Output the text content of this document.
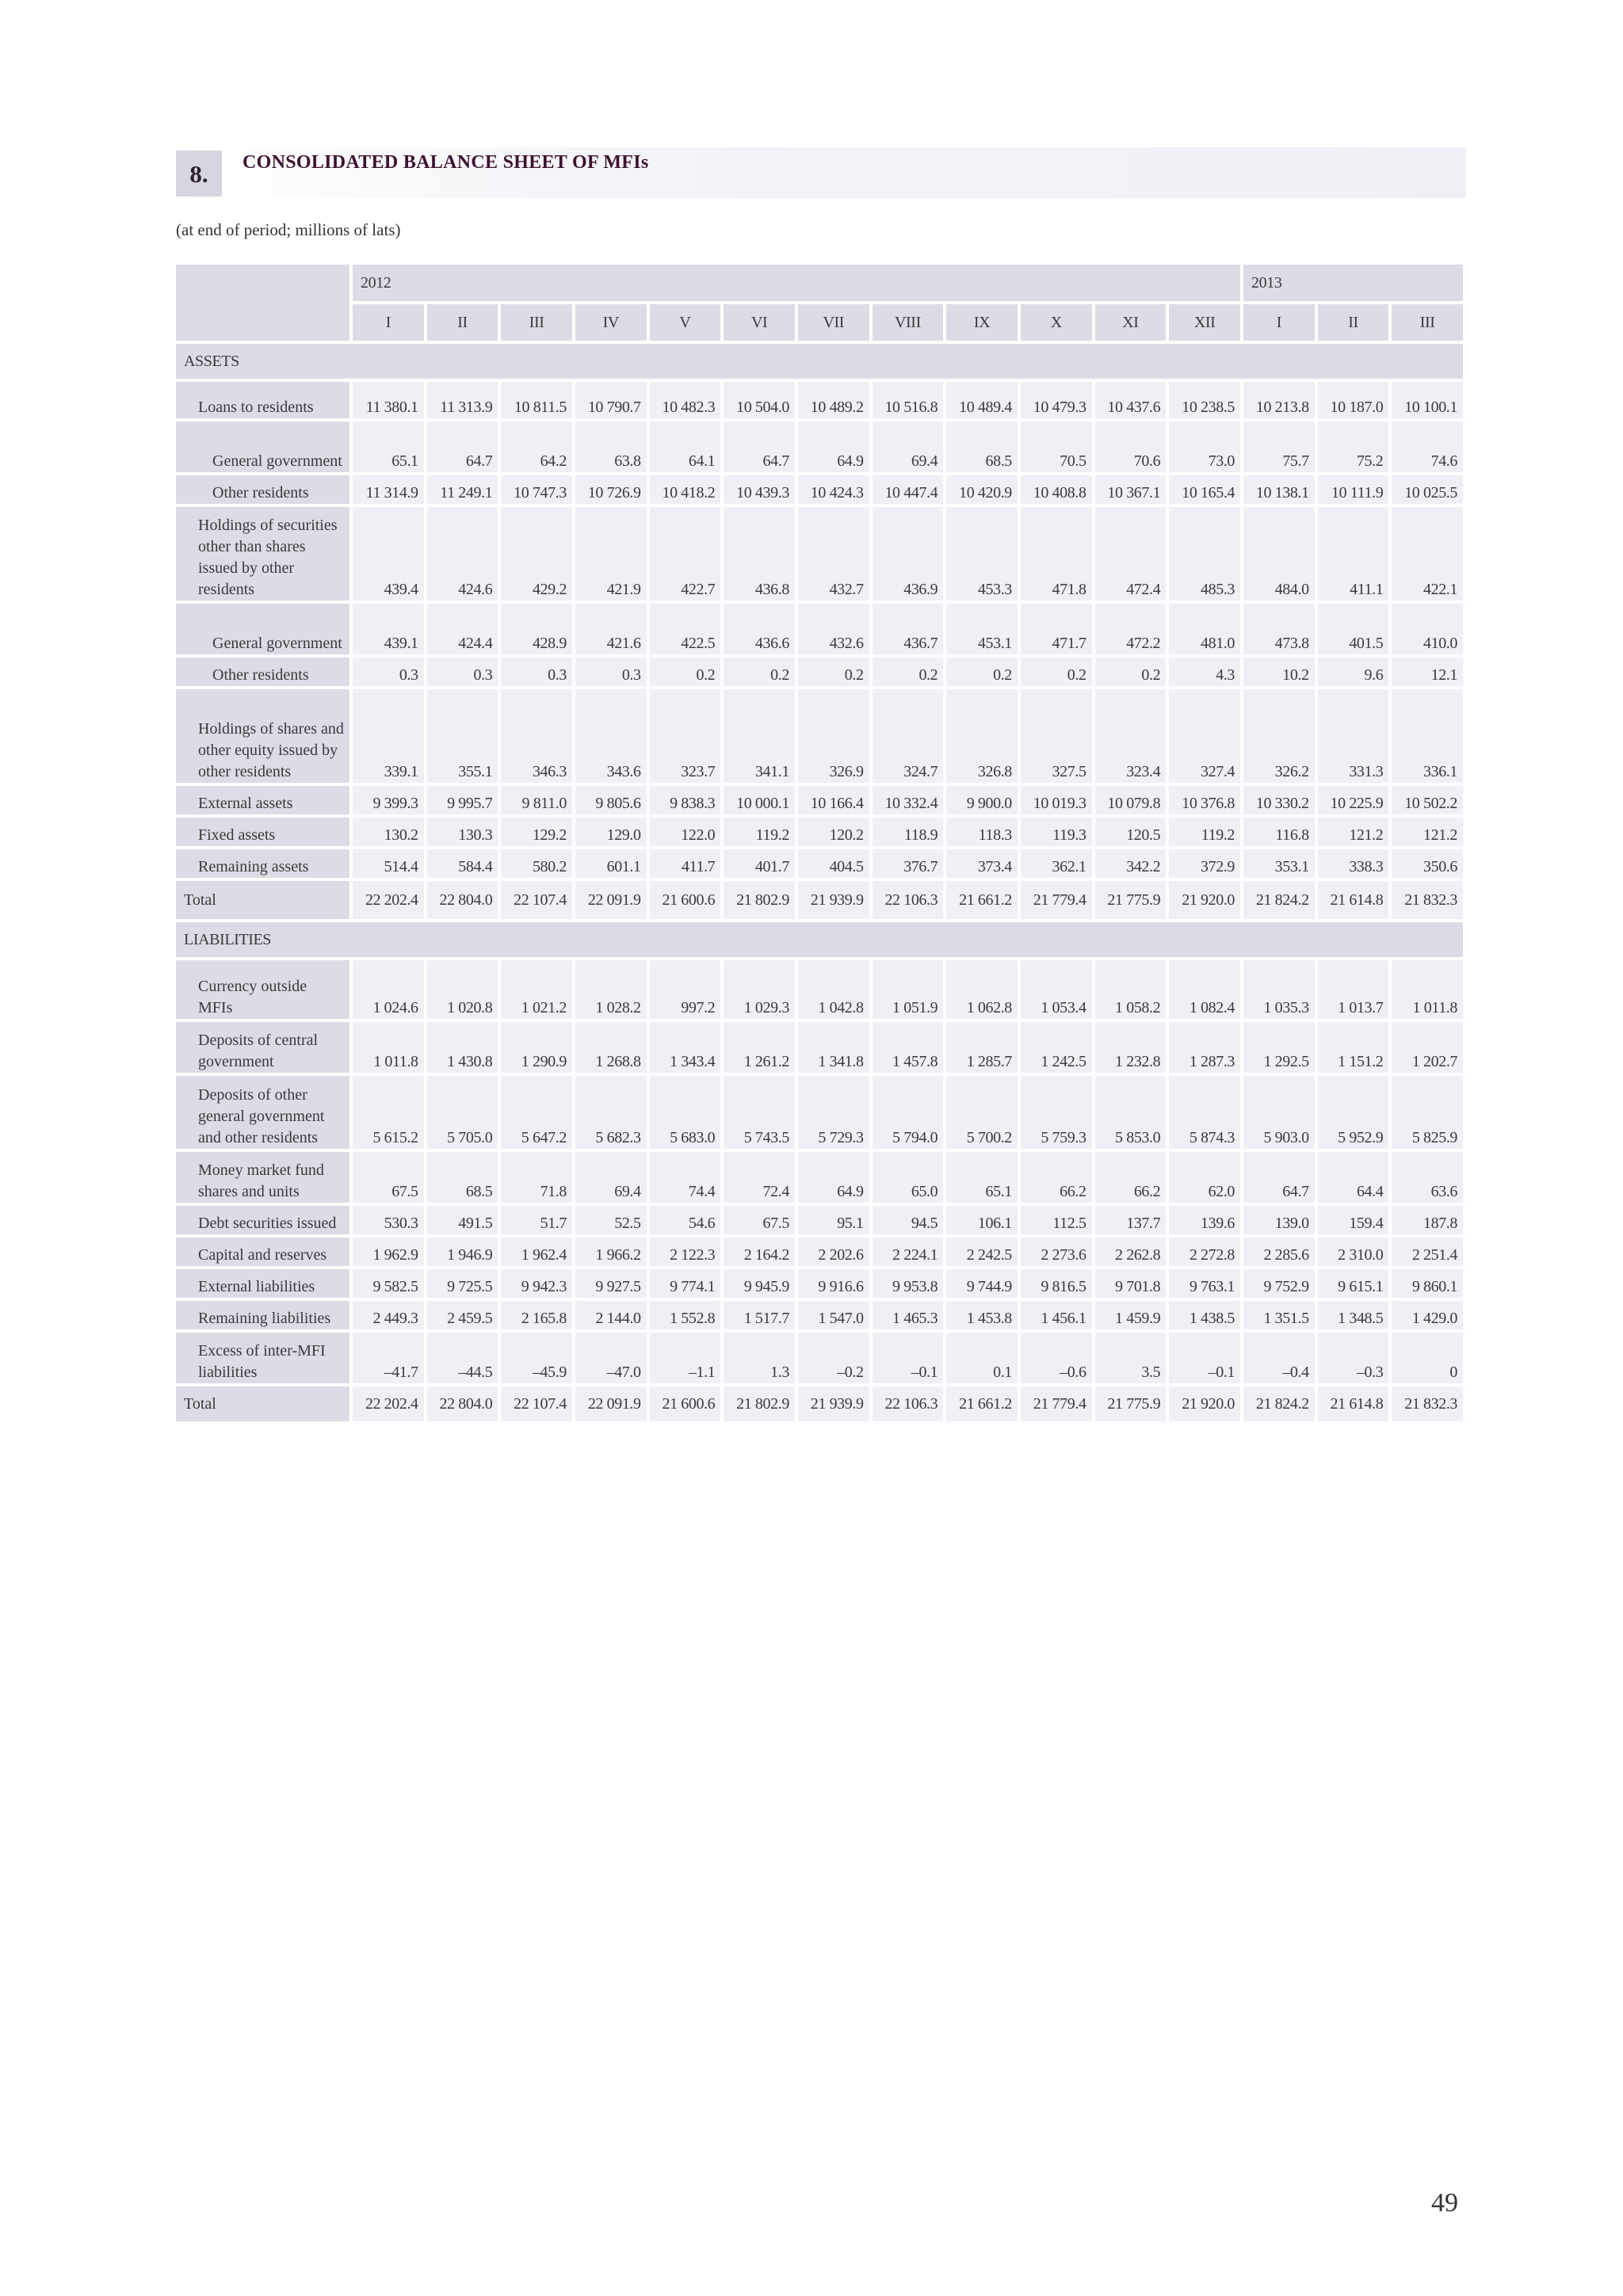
8.	CONSOLIDATED BALANCE SHEET OF MFIs
(at end of period; millions of lats)
	2012												2013		
	I	II	III	IV	V	VI	VII	VIII	IX	X	XI	XII	I	II	III
ASSETS															
Loans to residents	11 380.1	11 313.9	10 811.5	10 790.7	10 482.3	10 504.0	10 489.2	10 516.8	10 489.4	10 479.3	10 437.6	10 238.5	10 213.8	10 187.0	10 100.1
General government	65.1	64.7	64.2	63.8	64.1	64.7	64.9	69.4	68.5	70.5	70.6	73.0	75.7	75.2	74.6
Other residents	11 314.9	11 249.1	10 747.3	10 726.9	10 418.2	10 439.3	10 424.3	10 447.4	10 420.9	10 408.8	10 367.1	10 165.4	10 138.1	10 111.9	10 025.5
Holdings of securities other than shares issued by other residents	439.4	424.6	429.2	421.9	422.7	436.8	432.7	436.9	453.3	471.8	472.4	485.3	484.0	411.1	422.1
General government	439.1	424.4	428.9	421.6	422.5	436.6	432.6	436.7	453.1	471.7	472.2	481.0	473.8	401.5	410.0
Other residents	0.3	0.3	0.3	0.3	0.2	0.2	0.2	0.2	0.2	0.2	0.2	4.3	10.2	9.6	12.1
Holdings of shares and other equity issued by other residents	339.1	355.1	346.3	343.6	323.7	341.1	326.9	324.7	326.8	327.5	323.4	327.4	326.2	331.3	336.1
External assets	9 399.3	9 995.7	9 811.0	9 805.6	9 838.3	10 000.1	10 166.4	10 332.4	9 900.0	10 019.3	10 079.8	10 376.8	10 330.2	10 225.9	10 502.2
Fixed assets	130.2	130.3	129.2	129.0	122.0	119.2	120.2	118.9	118.3	119.3	120.5	119.2	116.8	121.2	121.2
Remaining assets	514.4	584.4	580.2	601.1	411.7	401.7	404.5	376.7	373.4	362.1	342.2	372.9	353.1	338.3	350.6
Total	22 202.4	22 804.0	22 107.4	22 091.9	21 600.6	21 802.9	21 939.9	22 106.3	21 661.2	21 779.4	21 775.9	21 920.0	21 824.2	21 614.8	21 832.3
LIABILITIES															
Currency outside MFIs	1 024.6	1 020.8	1 021.2	1 028.2	997.2	1 029.3	1 042.8	1 051.9	1 062.8	1 053.4	1 058.2	1 082.4	1 035.3	1 013.7	1 011.8
Deposits of central government	1 011.8	1 430.8	1 290.9	1 268.8	1 343.4	1 261.2	1 341.8	1 457.8	1 285.7	1 242.5	1 232.8	1 287.3	1 292.5	1 151.2	1 202.7
Deposits of other general government and other residents	5 615.2	5 705.0	5 647.2	5 682.3	5 683.0	5 743.5	5 729.3	5 794.0	5 700.2	5 759.3	5 853.0	5 874.3	5 903.0	5 952.9	5 825.9
Money market fund shares and units	67.5	68.5	71.8	69.4	74.4	72.4	64.9	65.0	65.1	66.2	66.2	62.0	64.7	64.4	63.6
Debt securities issued	530.3	491.5	51.7	52.5	54.6	67.5	95.1	94.5	106.1	112.5	137.7	139.6	139.0	159.4	187.8
Capital and reserves	1 962.9	1 946.9	1 962.4	1 966.2	2 122.3	2 164.2	2 202.6	2 224.1	2 242.5	2 273.6	2 262.8	2 272.8	2 285.6	2 310.0	2 251.4
External liabilities	9 582.5	9 725.5	9 942.3	9 927.5	9 774.1	9 945.9	9 916.6	9 953.8	9 744.9	9 816.5	9 701.8	9 763.1	9 752.9	9 615.1	9 860.1
Remaining liabilities	2 449.3	2 459.5	2 165.8	2 144.0	1 552.8	1 517.7	1 547.0	1 465.3	1 453.8	1 456.1	1 459.9	1 438.5	1 351.5	1 348.5	1 429.0
Excess of inter-MFI liabilities	–41.7	–44.5	–45.9	–47.0	–1.1	1.3	–0.2	–0.1	0.1	–0.6	3.5	–0.1	–0.4	–0.3	0
Total	22 202.4	22 804.0	22 107.4	22 091.9	21 600.6	21 802.9	21 939.9	22 106.3	21 661.2	21 779.4	21 775.9	21 920.0	21 824.2	21 614.8	21 832.3
49
